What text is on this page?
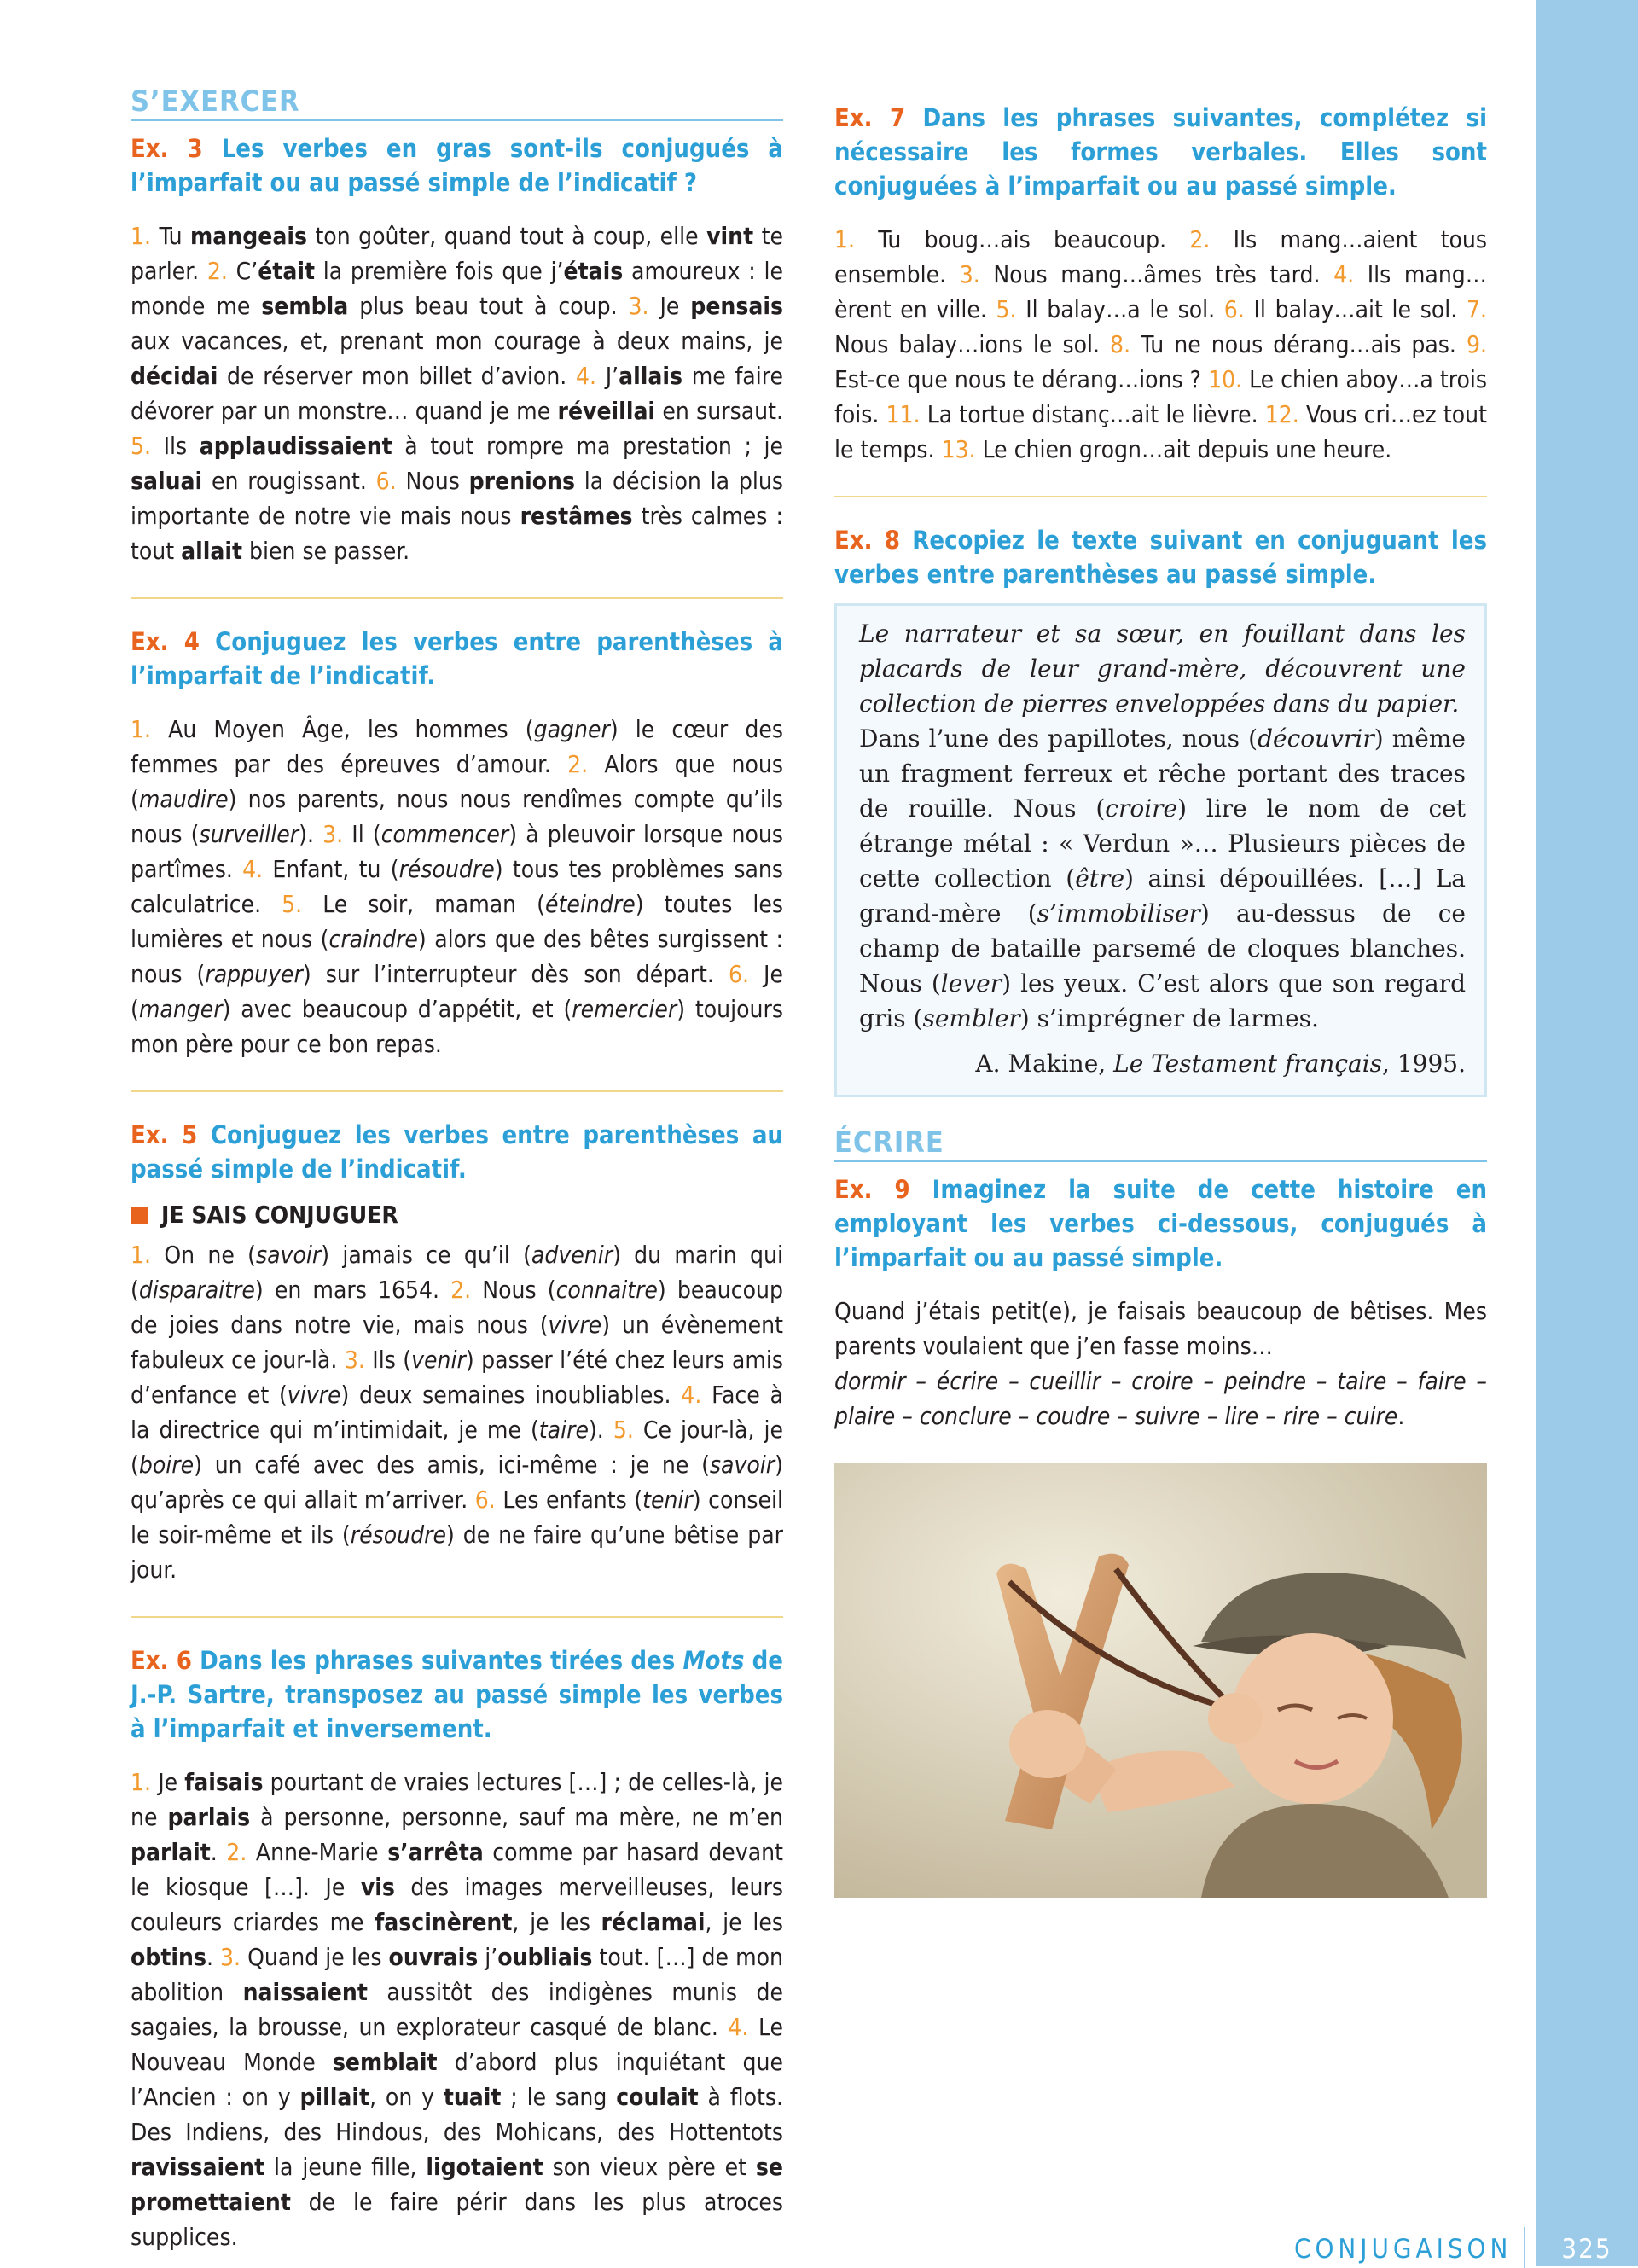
S’EXERCER
Ex. 3 Les verbes en gras sont-ils conjugués à l’imparfait ou au passé simple de l’indicatif ?

1. Tu mangeais ton goûter, quand tout à coup, elle vint te parler. 2. C’était la première fois que j’étais amoureux : le monde me sembla plus beau tout à coup. 3. Je pensais aux vacances, et, prenant mon courage à deux mains, je décidai de réserver mon billet d’avion. 4. J’allais me faire dévorer par un monstre… quand je me réveillai en sursaut. 5. Ils applaudissaient à tout rompre ma prestation ; je saluai en rougissant. 6. Nous prenions la décision la plus importante de notre vie mais nous restâmes très calmes : tout allait bien se passer.

Ex. 4 Conjuguez les verbes entre parenthèses à l’imparfait de l’indicatif.

1. Au Moyen Âge, les hommes (gagner) le cœur des femmes par des épreuves d’amour. 2. Alors que nous (maudire) nos parents, nous nous rendîmes compte qu’ils nous (surveiller). 3. Il (commencer) à pleuvoir lorsque nous partîmes. 4. Enfant, tu (résoudre) tous tes problèmes sans calculatrice. 5. Le soir, maman (éteindre) toutes les lumières et nous (craindre) alors que des bêtes surgissent : nous (rappuyer) sur l’interrupteur dès son départ. 6. Je (manger) avec beaucoup d’appétit, et (remercier) toujours mon père pour ce bon repas.

Ex. 5 Conjuguez les verbes entre parenthèses au passé simple de l’indicatif.
JE SAIS CONJUGUER

1. On ne (savoir) jamais ce qu’il (advenir) du marin qui (disparaitre) en mars 1654. 2. Nous (connaitre) beaucoup de joies dans notre vie, mais nous (vivre) un évènement fabuleux ce jour-là. 3. Ils (venir) passer l’été chez leurs amis d’enfance et (vivre) deux semaines inoubliables. 4. Face à la directrice qui m’intimidait, je me (taire). 5. Ce jour-là, je (boire) un café avec des amis, ici-même : je ne (savoir) qu’après ce qui allait m’arriver. 6. Les enfants (tenir) conseil le soir-même et ils (résoudre) de ne faire qu’une bêtise par jour.

Ex. 6 Dans les phrases suivantes tirées des Mots de J.-P. Sartre, transposez au passé simple les verbes à l’imparfait et inversement.

1. Je faisais pourtant de vraies lectures […] ; de celles-là, je ne parlais à personne, personne, sauf ma mère, ne m’en parlait. 2. Anne-Marie s’arrêta comme par hasard devant le kiosque […]. Je vis des images merveilleuses, leurs couleurs criardes me fascinèrent, je les réclamai, je les obtins. 3. Quand je les ouvrais j’oubliais tout. […] de mon abolition naissaient aussitôt des indigènes munis de sagaies, la brousse, un explorateur casqué de blanc. 4. Le Nouveau Monde semblait d’abord plus inquiétant que l’Ancien : on y pillait, on y tuait ; le sang coulait à flots. Des Indiens, des Hindous, des Mohicans, des Hottentots ravissaient la jeune fille, ligotaient son vieux père et se promettaient de le faire périr dans les plus atroces supplices.

Ex. 7 Dans les phrases suivantes, complétez si nécessaire les formes verbales. Elles sont conjuguées à l’imparfait ou au passé simple.

1. Tu boug…ais beaucoup. 2. Ils mang…aient tous ensemble. 3. Nous mang…âmes très tard. 4. Ils mang…èrent en ville. 5. Il balay…a le sol. 6. Il balay…ait le sol. 7. Nous balay…ions le sol. 8. Tu ne nous dérang…ais pas. 9. Est-ce que nous te dérang…ions ? 10. Le chien aboy…a trois fois. 11. La tortue distanç…ait le lièvre. 12. Vous cri…ez tout le temps. 13. Le chien grogn…ait depuis une heure.

Ex. 8 Recopiez le texte suivant en conjuguant les verbes entre parenthèses au passé simple.

Le narrateur et sa sœur, en fouillant dans les placards de leur grand-mère, découvrent une collection de pierres enveloppées dans du papier.

Dans l’une des papillotes, nous (découvrir) même un fragment ferreux et rêche portant des traces de rouille. Nous (croire) lire le nom de cet étrange métal : « Verdun »… Plusieurs pièces de cette collection (être) ainsi dépouillées. […] La grand-mère (s’immobiliser) au-dessus de ce champ de bataille parsemé de cloques blanches. Nous (lever) les yeux. C’est alors que son regard gris (sembler) s’imprégner de larmes.

A. Makine, Le Testament français, 1995.

ÉCRIRE
Ex. 9 Imaginez la suite de cette histoire en employant les verbes ci-dessous, conjugués à l’imparfait ou au passé simple.

Quand j’étais petit(e), je faisais beaucoup de bêtises. Mes parents voulaient que j’en fasse moins…

dormir – écrire – cueillir – croire – peindre – taire – faire – plaire – conclure – coudre – suivre – lire – rire – cuire.

CONJUGAISON	325
